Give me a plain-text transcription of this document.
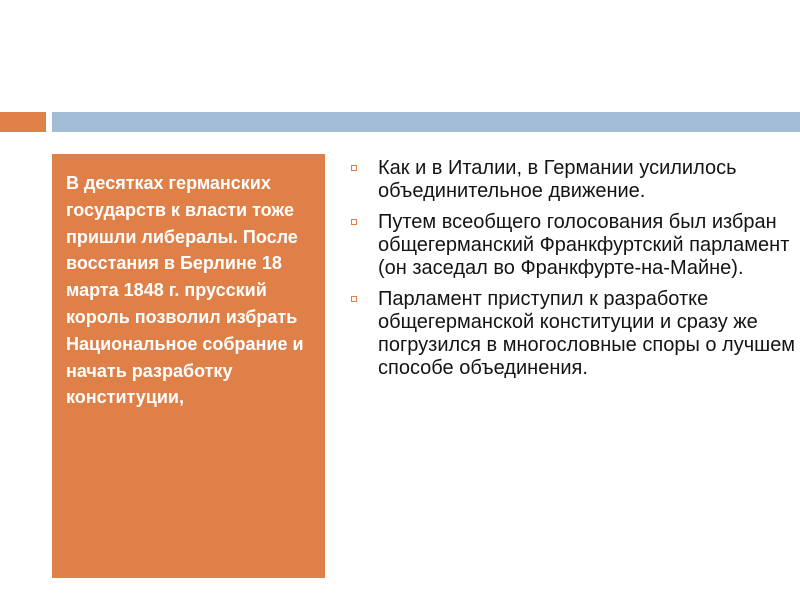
В десятках германских государств к власти тоже пришли либералы. После восстания в Берлине 18 марта 1848 г. прусский король позволил избрать Национальное собрание и начать разработку конституции,

Как и в Италии, в Германии усилилось объединительное движение.
Путем всеобщего голосования был избран общегерманский Франкфуртский парламент (он заседал во Франкфурте-на-Майне).
Парламент приступил к разработке общегерманской конституции и сразу же погрузился в многословные споры о лучшем способе объединения.
